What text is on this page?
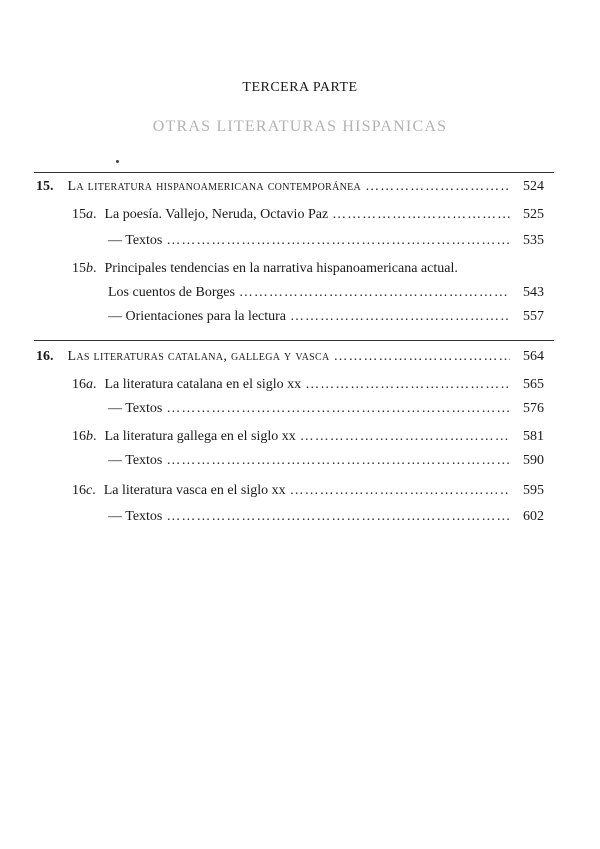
TERCERA PARTE
OTRAS LITERATURAS HISPANICAS
15. La literatura hispanoamericana contemporánea ………………………………………………………………………………	524
15a. La poesía. Vallejo, Neruda, Octavio Paz ………………………………………………………………………………	525
— Textos ………………………………………………………………………………	535
15b. Principales tendencias en la narrativa hispanoamericana actual.
Los cuentos de Borges ………………………………………………………………………………	543
— Orientaciones para la lectura ………………………………………………………………………………	557
16. Las literaturas catalana, gallega y vasca ………………………………………………………………………………	564
16a. La literatura catalana en el siglo xx ………………………………………………………………………………	565
— Textos ………………………………………………………………………………	576
16b. La literatura gallega en el siglo xx ………………………………………………………………………………	581
— Textos ………………………………………………………………………………	590
16c. La literatura vasca en el siglo xx ………………………………………………………………………………	595
— Textos ………………………………………………………………………………	602
